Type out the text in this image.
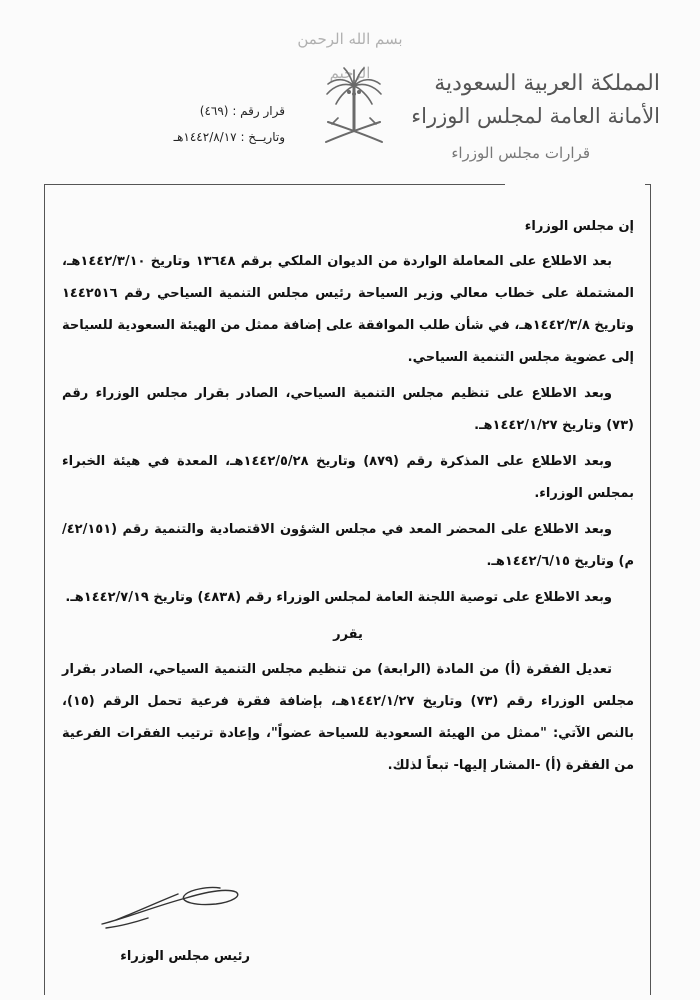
بسم الله الرحمن الرحيم	المملكة العربية السعودية
الأمانة العامة لمجلس الوزراء
قرارات مجلس الوزراء
قرار رقم : (٤٦٩)
وتاريــخ : ١٤٤٢/٨/١٧هـ

إن مجلس الوزراء

بعد الاطلاع على المعاملة الواردة من الديوان الملكي برقم ١٣٦٤٨ وتاريخ ١٤٤٢/٣/١٠هـ، المشتملة على خطاب معالي وزير السياحة رئيس مجلس التنمية السياحي رقم ١٤٤٢٥١٦ وتاريخ ١٤٤٢/٣/٨هـ، في شأن طلب الموافقة على إضافة ممثل من الهيئة السعودية للسياحة إلى عضوية مجلس التنمية السياحي.

وبعد الاطلاع على تنظيم مجلس التنمية السياحي، الصادر بقرار مجلس الوزراء رقم (٧٣) وتاريخ ١٤٤٢/١/٢٧هـ.

وبعد الاطلاع على المذكرة رقم (٨٧٩) وتاريخ ١٤٤٢/٥/٢٨هـ، المعدة في هيئة الخبراء بمجلس الوزراء.

وبعد الاطلاع على المحضر المعد في مجلس الشؤون الاقتصادية والتنمية رقم (٤٢/١٥١/م) وتاريخ ١٤٤٢/٦/١٥هـ.

وبعد الاطلاع على توصية اللجنة العامة لمجلس الوزراء رقم (٤٨٣٨) وتاريخ ١٤٤٢/٧/١٩هـ.

يقرر

تعديل الفقرة (أ) من المادة (الرابعة) من تنظيم مجلس التنمية السياحي، الصادر بقرار مجلس الوزراء رقم (٧٣) وتاريخ ١٤٤٢/١/٢٧هـ، بإضافة فقرة فرعية تحمل الرقم (١٥)، بالنص الآتي: "ممثل من الهيئة السعودية للسياحة عضواً"، وإعادة ترتيب الفقرات الفرعية من الفقرة (أ) -المشار إليها- تبعاً لذلك.

رئيس مجلس الوزراء
